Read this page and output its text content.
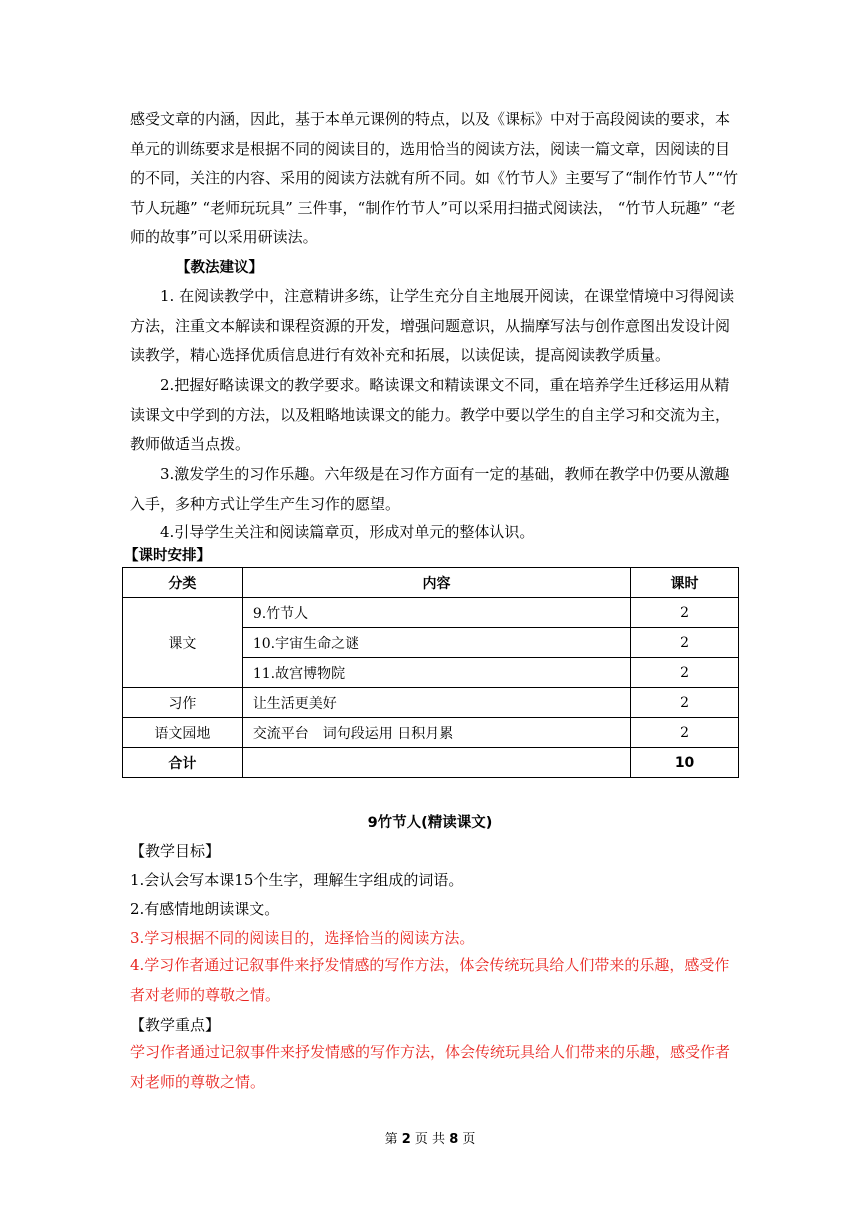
感受文章的内涵，因此，基于本单元课例的特点，以及《课标》中对于高段阅读的要求，本单元的训练要求是根据不同的阅读目的，选用恰当的阅读方法，阅读一篇文章，因阅读的目的不同，关注的内容、采用的阅读方法就有所不同。如《竹节人》主要写了“制作竹节人”“竹节人玩趣” “老师玩玩具” 三件事，“制作竹节人”可以采用扫描式阅读法， “竹节人玩趣” “老师的故事”可以采用研读法。

【教法建议】

1. 在阅读教学中，注意精讲多练，让学生充分自主地展开阅读，在课堂情境中习得阅读方法，注重文本解读和课程资源的开发，增强问题意识，从揣摩写法与创作意图出发设计阅读教学，精心选择优质信息进行有效补充和拓展，以读促读，提高阅读教学质量。

2.把握好略读课文的教学要求。略读课文和精读课文不同，重在培养学生迁移运用从精读课文中学到的方法，以及粗略地读课文的能力。教学中要以学生的自主学习和交流为主，教师做适当点拨。

3.激发学生的习作乐趣。六年级是在习作方面有一定的基础，教师在教学中仍要从激趣入手，多种方式让学生产生习作的愿望。

4.引导学生关注和阅读篇章页，形成对单元的整体认识。

【课时安排】

分类	内容	课时
课文	9.竹节人	2
	10.宇宙生命之谜	2
	11.故宫博物院	2
习作	让生活更美好	2
语文园地	交流平台　词句段运用 日积月累	2
合计		10

9竹节人(精读课文)

【教学目标】

1.会认会写本课15个生字，理解生字组成的词语。

2.有感情地朗读课文。

3.学习根据不同的阅读目的，选择恰当的阅读方法。

4.学习作者通过记叙事件来抒发情感的写作方法，体会传统玩具给人们带来的乐趣，感受作者对老师的尊敬之情。

【教学重点】

学习作者通过记叙事件来抒发情感的写作方法，体会传统玩具给人们带来的乐趣，感受作者对老师的尊敬之情。

第 2 页 共 8 页
